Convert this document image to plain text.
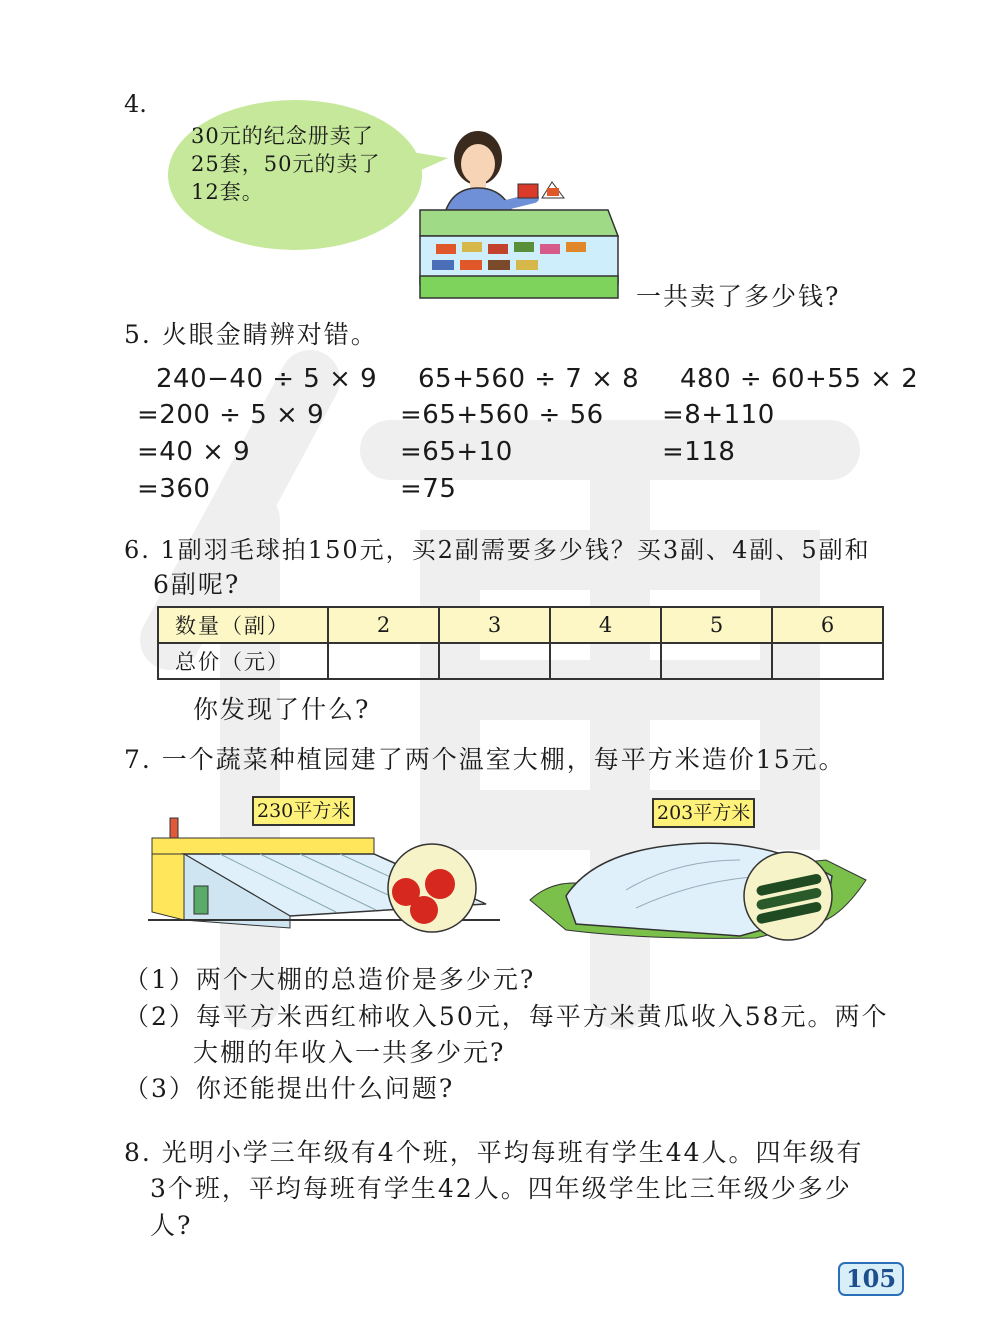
4.
30元的纪念册卖了
25套，50元的卖了
12套。
一共卖了多少钱?
5. 火眼金睛辨对错。
240−40 ÷ 5 × 9
=200 ÷ 5 × 9
=40 × 9
=360
65+560 ÷ 7 × 8
=65+560 ÷ 56
=65+10
=75
480 ÷ 60+55 × 2
=8+110
=118
6. 1副羽毛球拍150元，买2副需要多少钱？买3副、4副、5副和
6副呢?
数量（副）	2	3	4	5	6
总价（元）					
你发现了什么?
7. 一个蔬菜种植园建了两个温室大棚，每平方米造价15元。
230平方米	203平方米
（1）两个大棚的总造价是多少元?
（2）每平方米西红柿收入50元，每平方米黄瓜收入58元。两个
大棚的年收入一共多少元?
（3）你还能提出什么问题?
8. 光明小学三年级有4个班，平均每班有学生44人。四年级有
3个班，平均每班有学生42人。四年级学生比三年级少多少
人?
105
